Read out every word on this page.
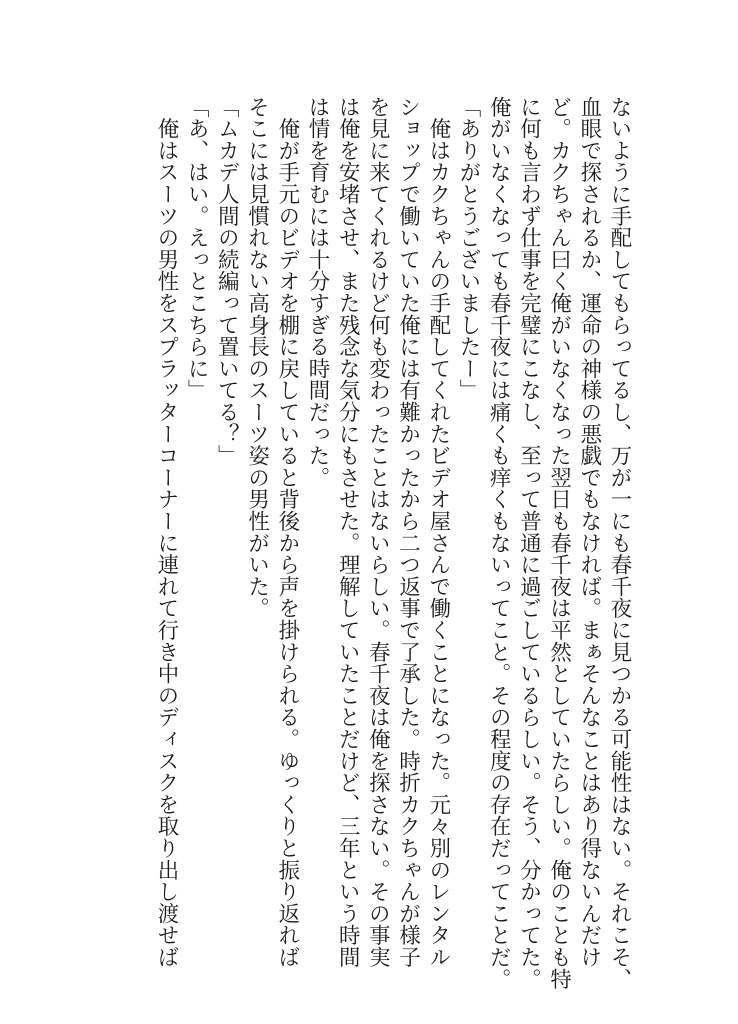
ないように手配してもらってるし、万が一にも春千夜に見つかる可能性はない。それこそ、
血眼で探されるか、運命の神様の悪戯でもなければ。まぁそんなことはあり得ないんだけ
ど。カクちゃん曰く俺がいなくなった翌日も春千夜は平然としていたらしい。俺のことも特
に何も言わず仕事を完璧にこなし、至って普通に過ごしているらしい。そう、分かってた。
俺がいなくなっても春千夜には痛くも痒くもないってこと。その程度の存在だってことだ。
「ありがとうございましたー」
　俺はカクちゃんの手配してくれたビデオ屋さんで働くことになった。元々別のレンタル
ショップで働いていた俺には有難かったから二つ返事で了承した。時折カクちゃんが様子
を見に来てくれるけど何も変わったことはないらしい。春千夜は俺を探さない。その事実
は俺を安堵させ、また残念な気分にもさせた。理解していたことだけど、三年という時間
は情を育むには十分すぎる時間だった。
　俺が手元のビデオを棚に戻していると背後から声を掛けられる。ゆっくりと振り返れば
そこには見慣れない高身長のスーツ姿の男性がいた。
「ムカデ人間の続編って置いてる？」
「あ、はい。えっとこちらに」
　俺はスーツの男性をスプラッターコーナーに連れて行き中のディスクを取り出し渡せば
